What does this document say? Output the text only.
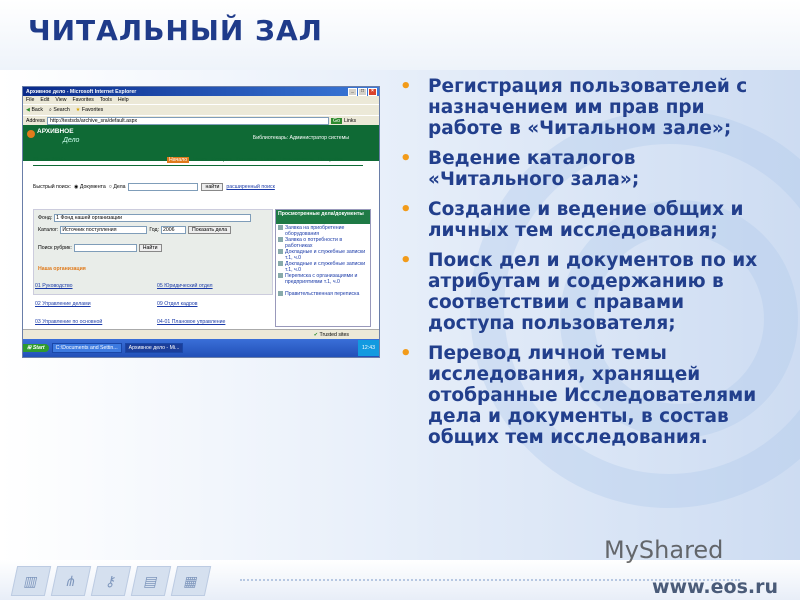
ЧИТАЛЬНЫЙ ЗАЛ
Архивное дело - Microsoft Internet Explorer	_	□	×
File Edit View Favorites Tools Help
◀ Back ⌕ Search ★ Favorites
Address http://testsds/archive_sra/default.aspx	Go Links
АРХИВНОЕ
Дело	Библиотекарь: Администратор системы
22 мая 2006 г.	Начало	Поиск История Каталоги Папки Пользователи Настройки
Быстрый поиск: ◉ Документа ○ Дела	найти	расширенный поиск
Фонд: 1 Фонд нашей организации
Каталог: Источник поступления	Год: 2006	Показать дела
Поиск рубрик:	Найти
Наша организация
01 Руководство	05 Юридический отдел
02 Управление делами	09 Отдел кадров
03 Управление по основной	04-01 Плановое управление
Просмотренные дела/документы
Заявка на приобретение оборудования
Заявка о потребности в работниках
Докладные и служебные записки т.1, ч.0
Докладные и служебные записки т.1, ч.0
Переписка с организациями и предприятиями т.1, ч.0
Правительственная переписка
✔ Trusted sites
⊞ Start	C:\Documents and Settin...	Архивное дело - Mi...	12:43
• Регистрация пользователей с назначением им прав при работе в «Читальном зале»;
• Ведение каталогов «Читального зала»;
• Создание и ведение общих и личных тем исследования;
• Поиск дел и документов по их атрибутам и содержанию в соответствии с правами доступа пользователя;
• Перевод личной темы исследования, хранящей отобранные Исследователями дела и документы, в состав общих тем исследования.
▥	⋔	⚷	▤	▦
MyShared
www.eos.ru
